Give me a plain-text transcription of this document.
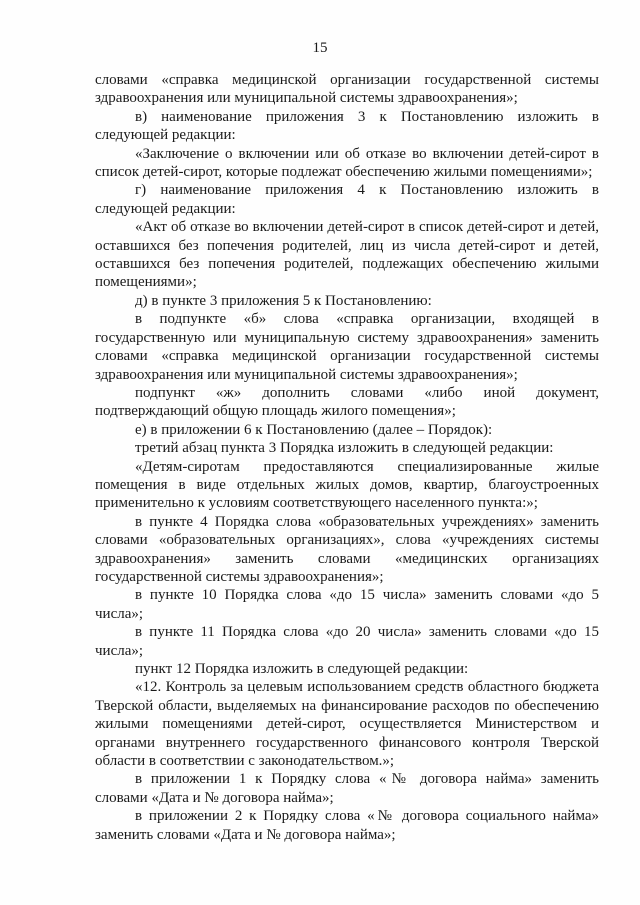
15

словами «справка медицинской организации государственной системы здравоохранения или муниципальной системы здравоохранения»;

в) наименование приложения 3 к Постановлению изложить в следующей редакции:

«Заключение о включении или об отказе во включении детей-сирот в список детей-сирот, которые подлежат обеспечению жилыми помещениями»;

г) наименование приложения 4 к Постановлению изложить в следующей редакции:

«Акт об отказе во включении детей-сирот в список детей-сирот и детей, оставшихся без попечения родителей, лиц из числа детей-сирот и детей, оставшихся без попечения родителей, подлежащих обеспечению жилыми помещениями»;

д) в пункте 3 приложения 5 к Постановлению:

в подпункте «б» слова «справка организации, входящей в государственную или муниципальную систему здравоохранения» заменить словами «справка медицинской организации государственной системы здравоохранения или муниципальной системы здравоохранения»;

подпункт «ж» дополнить словами «либо иной документ, подтверждающий общую площадь жилого помещения»;

е) в приложении 6 к Постановлению (далее – Порядок):

третий абзац пункта 3 Порядка изложить в следующей редакции:

«Детям-сиротам предоставляются специализированные жилые помещения в виде отдельных жилых домов, квартир, благоустроенных применительно к условиям соответствующего населенного пункта:»;

в пункте 4 Порядка слова «образовательных учреждениях» заменить словами «образовательных организациях», слова «учреждениях системы здравоохранения» заменить словами «медицинских организациях государственной системы здравоохранения»;

в пункте 10 Порядка слова «до 15 числа» заменить словами «до 5 числа»;

в пункте 11 Порядка слова «до 20 числа» заменить словами «до 15 числа»;

пункт 12 Порядка изложить в следующей редакции:

«12. Контроль за целевым использованием средств областного бюджета Тверской области, выделяемых на финансирование расходов по обеспечению жилыми помещениями детей-сирот, осуществляется Министерством и органами внутреннего государственного финансового контроля Тверской области в соответствии с законодательством.»;

в приложении 1 к Порядку слова «№ договора найма» заменить словами «Дата и № договора найма»;

в приложении 2 к Порядку слова «№ договора социального найма» заменить словами «Дата и № договора найма»;
